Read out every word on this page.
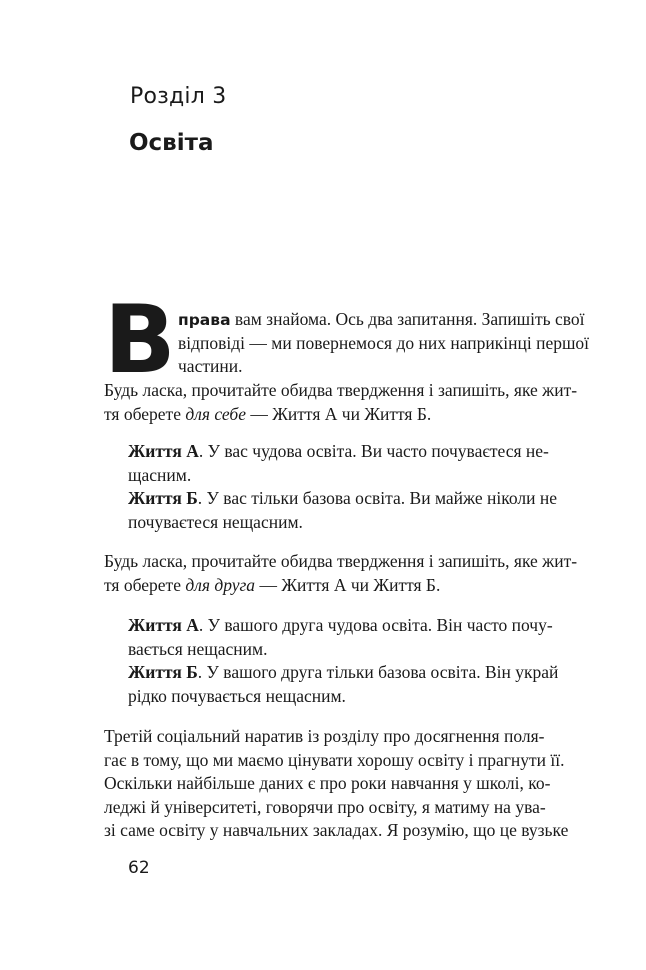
Розділ 3
Освіта
В права вам знайома. Ось два запитання. Запишіть свої
відповіді — ми повернемося до них наприкінці першої
частини.
Будь ласка, прочитайте обидва твердження і запишіть, яке жит-
тя оберете для себе — Життя А чи Життя Б.
Життя А. У вас чудова освіта. Ви часто почуваєтеся не-
щасним.
Життя Б. У вас тільки базова освіта. Ви майже ніколи не
почуваєтеся нещасним.
Будь ласка, прочитайте обидва твердження і запишіть, яке жит-
тя оберете для друга — Життя А чи Життя Б.
Життя А. У вашого друга чудова освіта. Він часто почу-
вається нещасним.
Життя Б. У вашого друга тільки базова освіта. Він украй
рідко почувається нещасним.
Третій соціальний наратив із розділу про досягнення поля-
гає в тому, що ми маємо цінувати хорошу освіту і прагнути її.
Оскільки найбільше даних є про роки навчання у школі, ко-
леджі й університеті, говорячи про освіту, я матиму на ува-
зі саме освіту у навчальних закладах. Я розумію, що це вузьке
62
